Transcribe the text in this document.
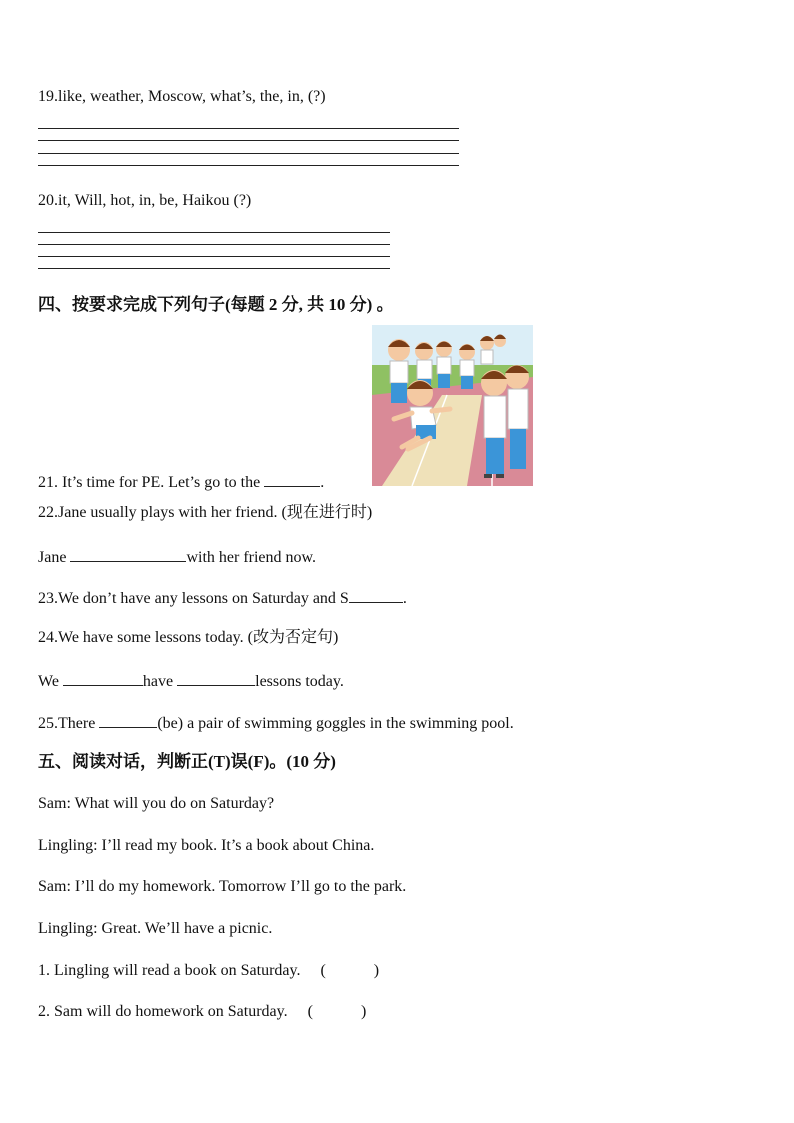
19.like, weather, Moscow, what’s, the, in, (?)
20.it, Will, hot, in, be, Haikou (?)
四、按要求完成下列句子(每题 2 分, 共 10 分) 。
21. It’s time for PE. Let’s go to the	.
22.Jane usually plays with her friend. (现在进行时)
Jane	with her friend now.
23.We don’t have any lessons on Saturday and S	.
24.We have some lessons today. (改为否定句)
We	have	lessons today.
25.There	(be) a pair of swimming goggles in the swimming pool.
五、阅读对话，判断正(T)误(F)。(10 分)
Sam: What will you do on Saturday?
Lingling: I’ll read my book. It’s a book about China.
Sam: I’ll do my homework. Tomorrow I’ll go to the park.
Lingling: Great. We’ll have a picnic.
1. Lingling will read a book on Saturday. (            )
2. Sam will do homework on Saturday. (            )
